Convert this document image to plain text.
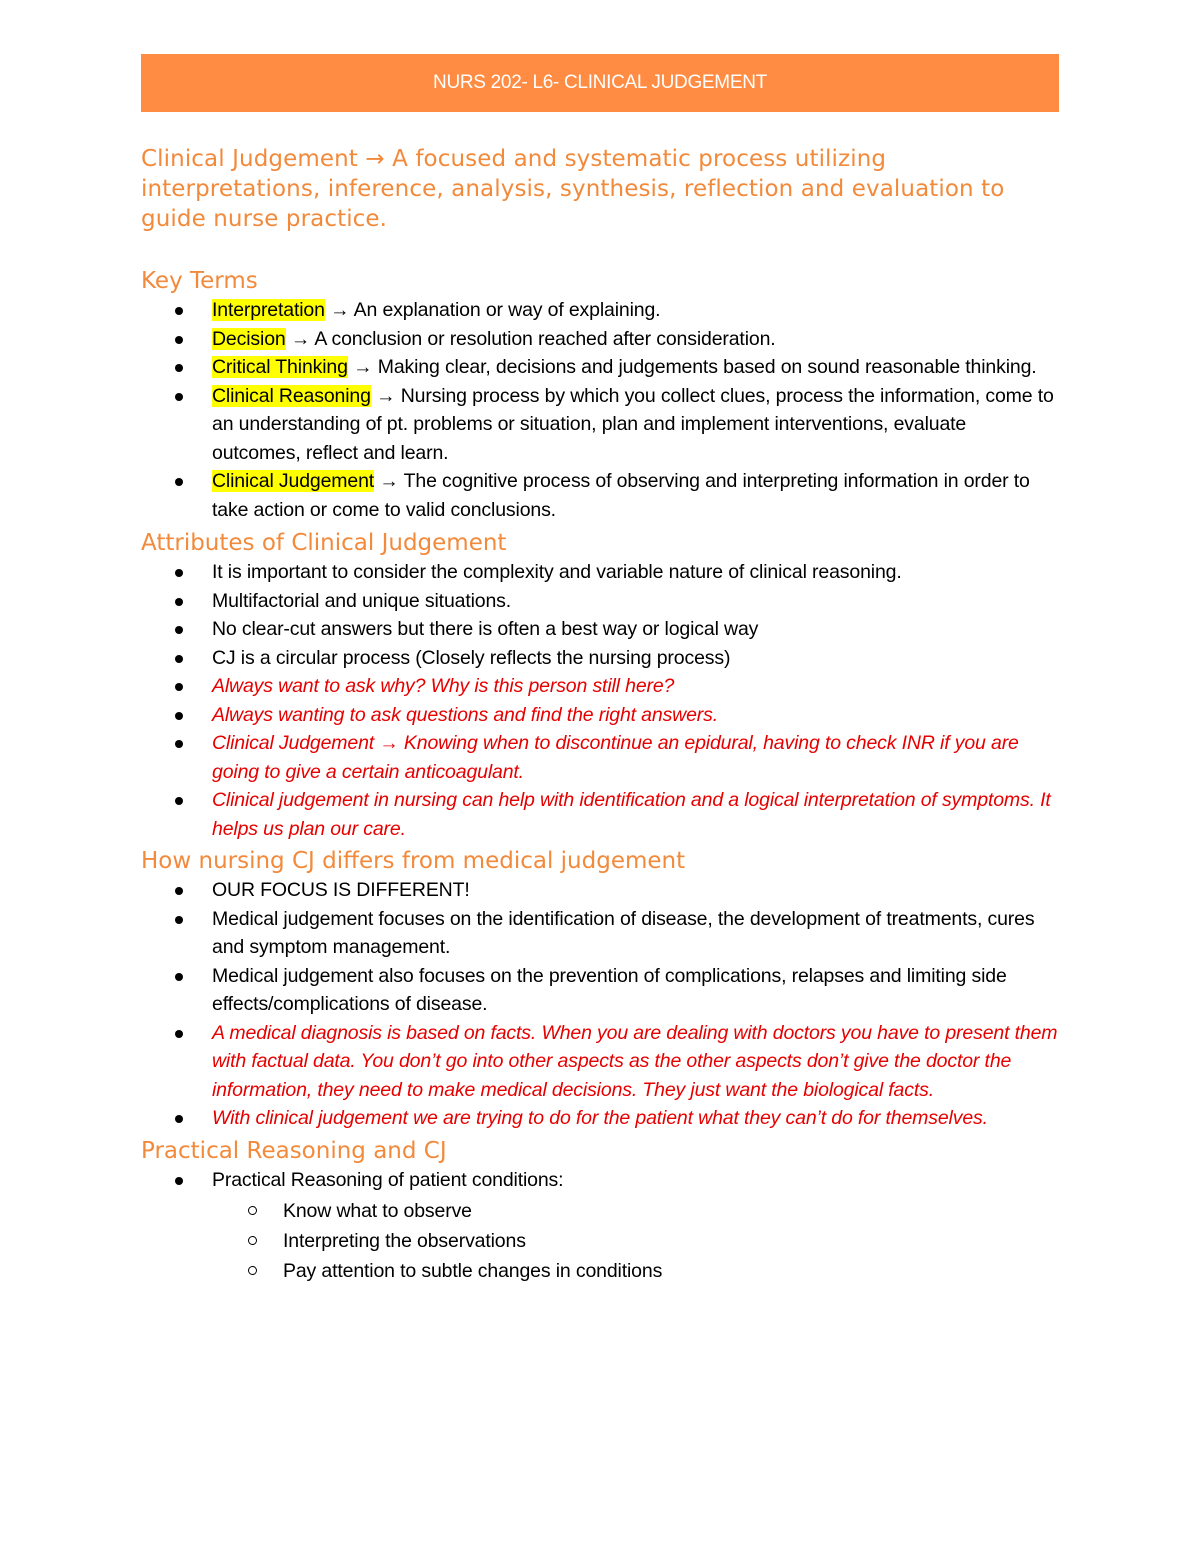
NURS 202- L6- CLINICAL JUDGEMENT
Clinical Judgement → A focused and systematic process utilizing interpretations, inference, analysis, synthesis, reflection and evaluation to guide nurse practice.
Key Terms
Interpretation → An explanation or way of explaining.
Decision → A conclusion or resolution reached after consideration.
Critical Thinking → Making clear, decisions and judgements based on sound reasonable thinking.
Clinical Reasoning → Nursing process by which you collect clues, process the information, come to an understanding of pt. problems or situation, plan and implement interventions, evaluate outcomes, reflect and learn.
Clinical Judgement → The cognitive process of observing and interpreting information in order to take action or come to valid conclusions.
Attributes of Clinical Judgement
It is important to consider the complexity and variable nature of clinical reasoning.
Multifactorial and unique situations.
No clear-cut answers but there is often a best way or logical way
CJ is a circular process (Closely reflects the nursing process)
Always want to ask why? Why is this person still here?
Always wanting to ask questions and find the right answers.
Clinical Judgement → Knowing when to discontinue an epidural, having to check INR if you are going to give a certain anticoagulant.
Clinical judgement in nursing can help with identification and a logical interpretation of symptoms. It helps us plan our care.
How nursing CJ differs from medical judgement
OUR FOCUS IS DIFFERENT!
Medical judgement focuses on the identification of disease, the development of treatments, cures and symptom management.
Medical judgement also focuses on the prevention of complications, relapses and limiting side effects/complications of disease.
A medical diagnosis is based on facts. When you are dealing with doctors you have to present them with factual data. You don’t go into other aspects as the other aspects don’t give the doctor the information, they need to make medical decisions. They just want the biological facts.
With clinical judgement we are trying to do for the patient what they can’t do for themselves.
Practical Reasoning and CJ
Practical Reasoning of patient conditions:
Know what to observe
Interpreting the observations
Pay attention to subtle changes in conditions
